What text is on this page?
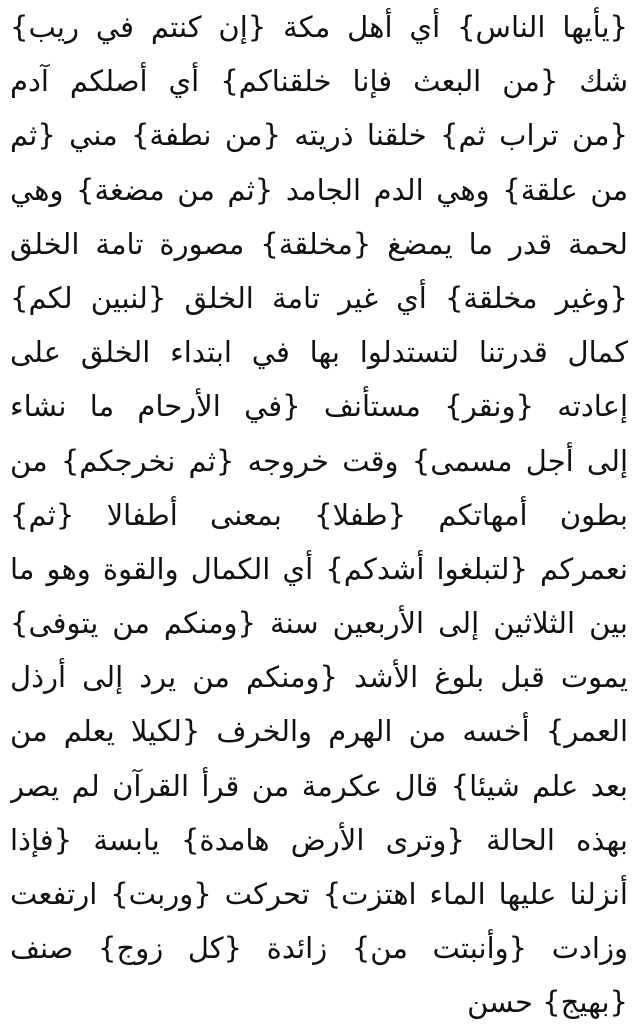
{يأيها الناس} أي أهل مكة {إن كنتم في ريب}
شك {من البعث فإنا خلقناكم} أي أصلكم آدم
{من تراب ثم} خلقنا ذريته {من نطفة} مني {ثم
من علقة} وهي الدم الجامد {ثم من مضغة} وهي
لحمة قدر ما يمضغ {مخلقة} مصورة تامة الخلق
{وغير مخلقة} أي غير تامة الخلق {لنبين لكم}
كمال قدرتنا لتستدلوا بها في ابتداء الخلق على
إعادته {ونقر} مستأنف {في الأرحام ما نشاء
إلى أجل مسمى} وقت خروجه {ثم نخرجكم} من
بطون أمهاتكم {طفلا} بمعنى أطفالا {ثم}
نعمركم {لتبلغوا أشدكم} أي الكمال والقوة وهو ما
بين الثلاثين إلى الأربعين سنة {ومنكم من يتوفى}
يموت قبل بلوغ الأشد {ومنكم من يرد إلى أرذل
العمر} أخسه من الهرم والخرف {لكيلا يعلم من
بعد علم شيئا} قال عكرمة من قرأ القرآن لم يصر
بهذه الحالة {وترى الأرض هامدة} يابسة {فإذا
أنزلنا عليها الماء اهتزت} تحركت {وربت} ارتفعت
وزادت {وأنبتت من} زائدة {كل زوج} صنف
{بهيج} حسن
